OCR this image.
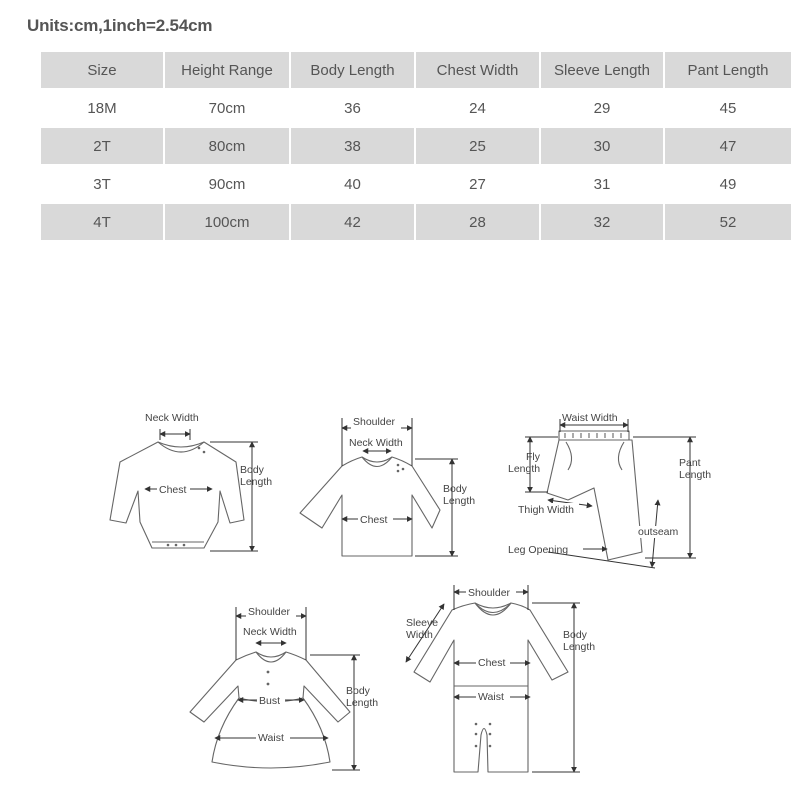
Units:cm,1inch=2.54cm
Size	Height Range	Body Length	Chest Width	Sleeve Length	Pant Length
18M	70cm	36	24	29	45
2T	80cm	38	25	30	47
3T	90cm	40	27	31	49
4T	100cm	42	28	32	52
Neck Width
Chest
Body
Length
Shoulder
Neck Width
Chest
Body
Length
Waist Width
Fly
Length	Pant
Length
Thigh Width
outseam
Leg Opening
Shoulder
Neck Width
Bust
Waist
Body
Length
Shoulder
Sleeve
Width
Chest
Waist
Body
Length
